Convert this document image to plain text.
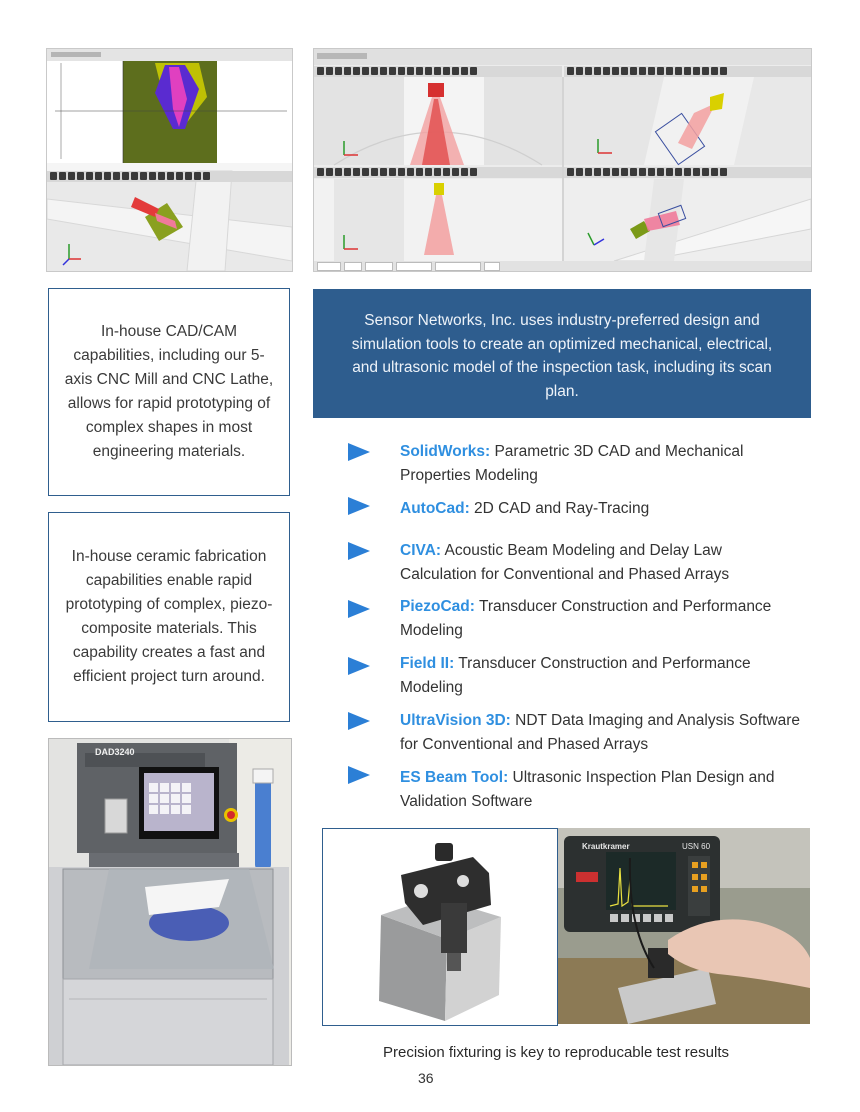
In-house CAD/CAM capabilities, including our 5-axis CNC Mill and CNC Lathe, allows for rapid prototyping of complex shapes in most engineering materials.
In-house ceramic fabrication capabilities enable rapid prototyping of complex, piezo-composite materials. This capability creates a fast and efficient project turn around.
Sensor Networks, Inc. uses industry-preferred design and simulation tools to create an optimized mechanical, electrical, and ultrasonic model of the inspection task, including its scan plan.
SolidWorks: Parametric 3D CAD and Mechanical Properties Modeling
AutoCad: 2D CAD and Ray-Tracing
CIVA: Acoustic Beam Modeling and Delay Law Calculation for Conventional and Phased Arrays
PiezoCad: Transducer Construction and Performance Modeling
Field II: Transducer Construction and Performance Modeling
UltraVision 3D: NDT Data Imaging and Analysis Software for Conventional and Phased Arrays
ES Beam Tool: Ultrasonic Inspection Plan Design and Validation Software
DAD3240
Krautkramer	USN 60
Precision fixturing is key to reproducable test results
36
